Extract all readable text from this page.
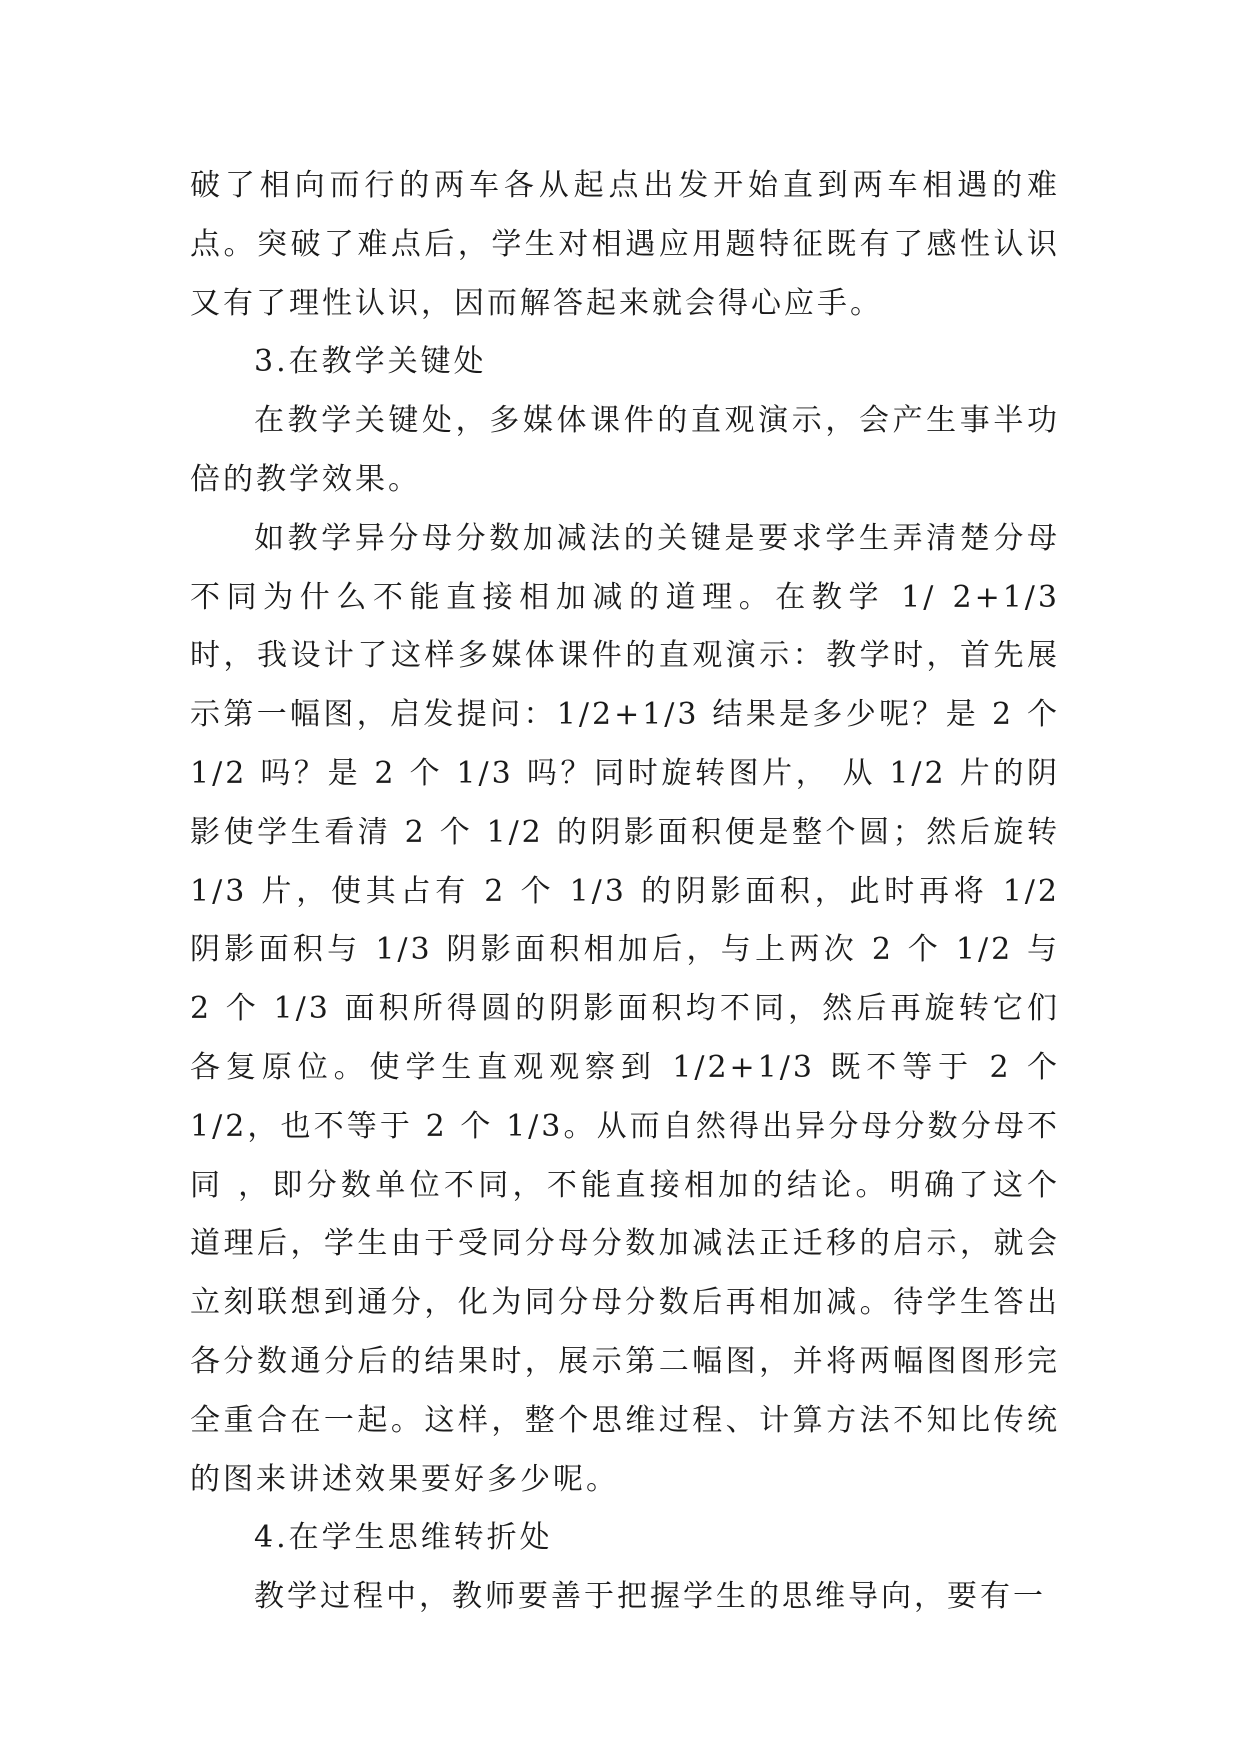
破了相向而行的两车各从起点出发开始直到两车相遇的难点。突破了难点后，学生对相遇应用题特征既有了感性认识又有了理性认识，因而解答起来就会得心应手。

3.在教学关键处

在教学关键处，多媒体课件的直观演示，会产生事半功倍的教学效果。

如教学异分母分数加减法的关键是要求学生弄清楚分母不同为什么不能直接相加减的道理。在教学 1/ 2+1/3 时，我设计了这样多媒体课件的直观演示：教学时，首先展示第一幅图，启发提问：1/2+1/3 结果是多少呢？是 2 个 1/2 吗？是 2 个 1/3 吗？同时旋转图片， 从 1/2 片的阴影使学生看清 2 个 1/2 的阴影面积便是整个圆；然后旋转 1/3 片，使其占有 2 个 1/3 的阴影面积，此时再将 1/2 阴影面积与 1/3 阴影面积相加后，与上两次 2 个 1/2 与 2 个 1/3 面积所得圆的阴影面积均不同，然后再旋转它们各复原位。使学生直观观察到 1/2+1/3 既不等于 2 个 1/2，也不等于 2 个 1/3。从而自然得出异分母分数分母不同 ，即分数单位不同，不能直接相加的结论。明确了这个道理后，学生由于受同分母分数加减法正迁移的启示，就会立刻联想到通分，化为同分母分数后再相加减。待学生答出各分数通分后的结果时，展示第二幅图，并将两幅图图形完全重合在一起。这样，整个思维过程、计算方法不知比传统的图来讲述效果要好多少呢。

4.在学生思维转折处

教学过程中，教师要善于把握学生的思维导向，要有一
